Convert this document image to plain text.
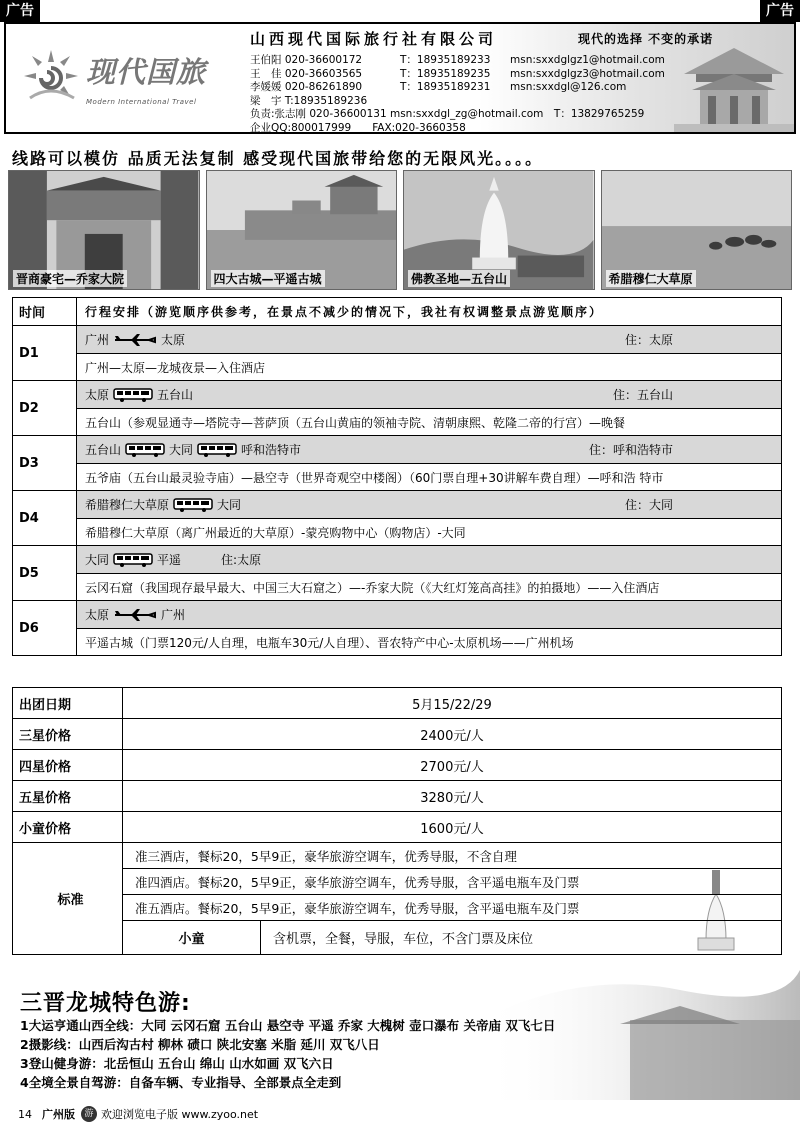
广告	广告
现代国旅
Modern International Travel
山西现代国际旅行社有限公司	现代的选择 不变的承诺
王伯阳 020-36600172	T：18935189233	msn:sxxdglgz1@hotmail.com
王　佳 020-36603565	T：18935189235	msn:sxxdglgz3@hotmail.com
李媛媛 020-86261890	T：18935189231	msn:sxxdgl@126.com
梁　宇 T:18935189236
负责:张志刚 020-36600131 msn:sxxdgl_zg@hotmail.com　T：13829765259
企业QQ:800017999　　FAX:020-3660358
线路可以模仿 品质无法复制 感受现代国旅带给您的无限风光。。。。
晋商豪宅—乔家大院	四大古城—平遥古城	佛教圣地—五台山	希腊穆仁大草原
时间	行程安排（游览顺序供参考，在景点不减少的情况下，我社有权调整景点游览顺序）
D1	广州 太原 住：太原

	广州—太原—龙城夜景—入住酒店
D2	太原 五台山 住：五台山

	五台山（参观显通寺—塔院寺—菩萨顶（五台山黄庙的领袖寺院、清朝康熙、乾隆二帝的行宫）—晚餐
D3	五台山 大同 呼和浩特市 住：呼和浩特市

	五爷庙（五台山最灵验寺庙）—悬空寺（世界奇观空中楼阁）（60门票自理+30讲解车费自理）—呼和浩 特市
D4	希腊穆仁大草原 大同 住：大同

	希腊穆仁大草原（离广州最近的大草原）-蒙亮购物中心（购物店）-大同
D5	大同 平遥 住:太原

	云冈石窟（我国现存最早最大、中国三大石窟之）—-乔家大院（《大红灯笼高高挂》的拍摄地）——入住酒店
D6	太原 广州

	平遥古城（门票120元/人自理，电瓶车30元/人自理）、晋农特产中心-太原机场——广州机场
出团日期	5月15/22/29	
三星价格	2400元/人	
四星价格	2700元/人	
五星价格	3280元/人	
小童价格	1600元/人	
标准	准三酒店，餐标20，5早9正，豪华旅游空调车，优秀导服，不含自理	
	准四酒店。餐标20，5早9正，豪华旅游空调车，优秀导服，含平遥电瓶车及门票	
	准五酒店。餐标20，5早9正，豪华旅游空调车，优秀导服，含平遥电瓶车及门票	
	小童	含机票，全餐，导服，车位，不含门票及床位
三晋龙城特色游:
1大运亨通山西全线：大同 云冈石窟 五台山 悬空寺 平遥 乔家 大槐树 壶口瀑布 关帝庙 双飞七日
2摄影线：山西后沟古村 柳林 碛口 陕北安塞 米脂 延川 双飞八日
3登山健身游：北岳恒山 五台山 绵山 山水如画 双飞六日
4全境全景自驾游：自备车辆、专业指导、全部景点全走到
14 广州版	游 欢迎浏览电子版 www.zyoo.net
